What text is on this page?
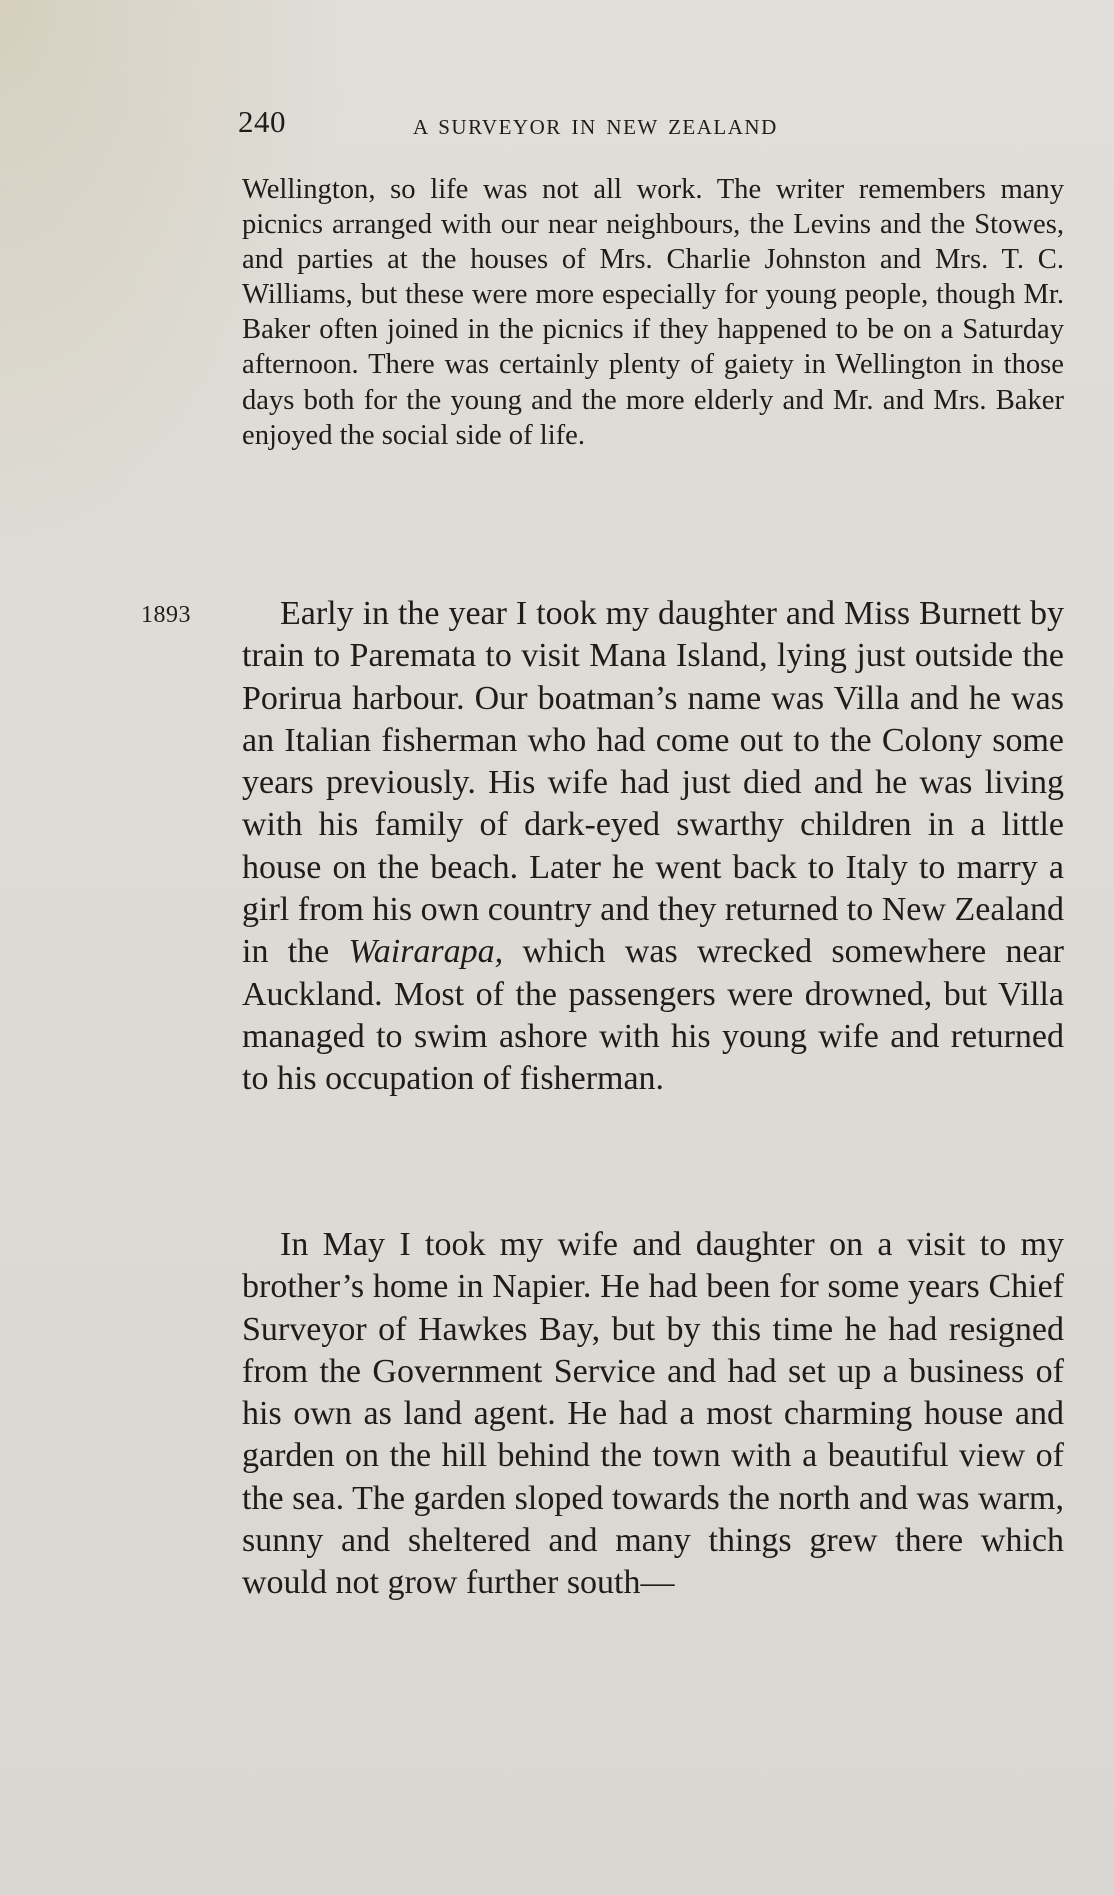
240	A SURVEYOR IN NEW ZEALAND
Wellington, so life was not all work. The writer remembers many picnics arranged with our near neighbours, the Levins and the Stowes, and parties at the houses of Mrs. Charlie Johnston and Mrs. T. C. Williams, but these were more especially for young people, though Mr. Baker often joined in the picnics if they happened to be on a Saturday afternoon. There was certainly plenty of gaiety in Wellington in those days both for the young and the more elderly and Mr. and Mrs. Baker enjoyed the social side of life.
1893	Early in the year I took my daughter and Miss Burnett by train to Paremata to visit Mana Island, lying just outside the Porirua harbour. Our boatman’s name was Villa and he was an Italian fisherman who had come out to the Colony some years previously. His wife had just died and he was living with his family of dark-eyed swarthy children in a little house on the beach. Later he went back to Italy to marry a girl from his own country and they returned to New Zealand in the Wairarapa, which was wrecked somewhere near Auckland. Most of the passengers were drowned, but Villa managed to swim ashore with his young wife and returned to his occupation of fisherman.
In May I took my wife and daughter on a visit to my brother’s home in Napier. He had been for some years Chief Surveyor of Hawkes Bay, but by this time he had resigned from the Government Service and had set up a business of his own as land agent. He had a most charming house and garden on the hill behind the town with a beautiful view of the sea. The garden sloped towards the north and was warm, sunny and sheltered and many things grew there which would not grow further south—
